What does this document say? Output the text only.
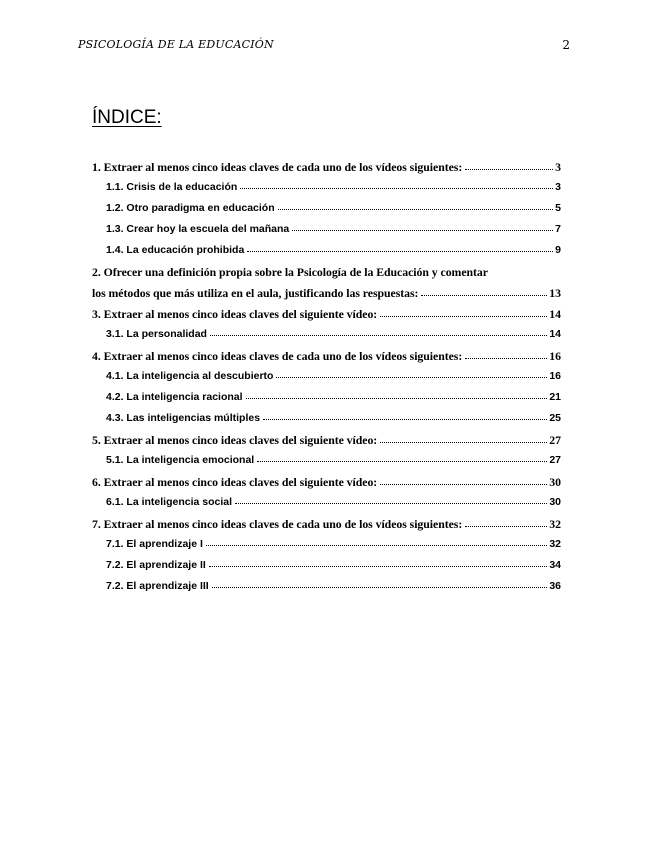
PSICOLOGÍA DE LA EDUCACIÓN	2
ÍNDICE:
1. Extraer al menos cinco ideas claves de cada uno de los vídeos siguientes:	3
1.1. Crisis de la educación	3
1.2. Otro paradigma en educación	5
1.3. Crear hoy la escuela del mañana	7
1.4. La educación prohibida	9
2. Ofrecer una definición propia sobre la Psicología de la Educación y comentar
los métodos que más utiliza en el aula, justificando las respuestas:	13
3. Extraer al menos cinco ideas claves del siguiente vídeo:	14
3.1. La personalidad	14
4. Extraer al menos cinco ideas claves de cada uno de los vídeos siguientes:	16
4.1. La inteligencia al descubierto	16
4.2. La inteligencia racional	21
4.3. Las inteligencias múltiples	25
5. Extraer al menos cinco ideas claves del siguiente vídeo:	27
5.1. La inteligencia emocional	27
6. Extraer al menos cinco ideas claves del siguiente vídeo:	30
6.1. La inteligencia social	30
7. Extraer al menos cinco ideas claves de cada uno de los vídeos siguientes:	32
7.1. El aprendizaje I	32
7.2. El aprendizaje II	34
7.2. El aprendizaje III	36
